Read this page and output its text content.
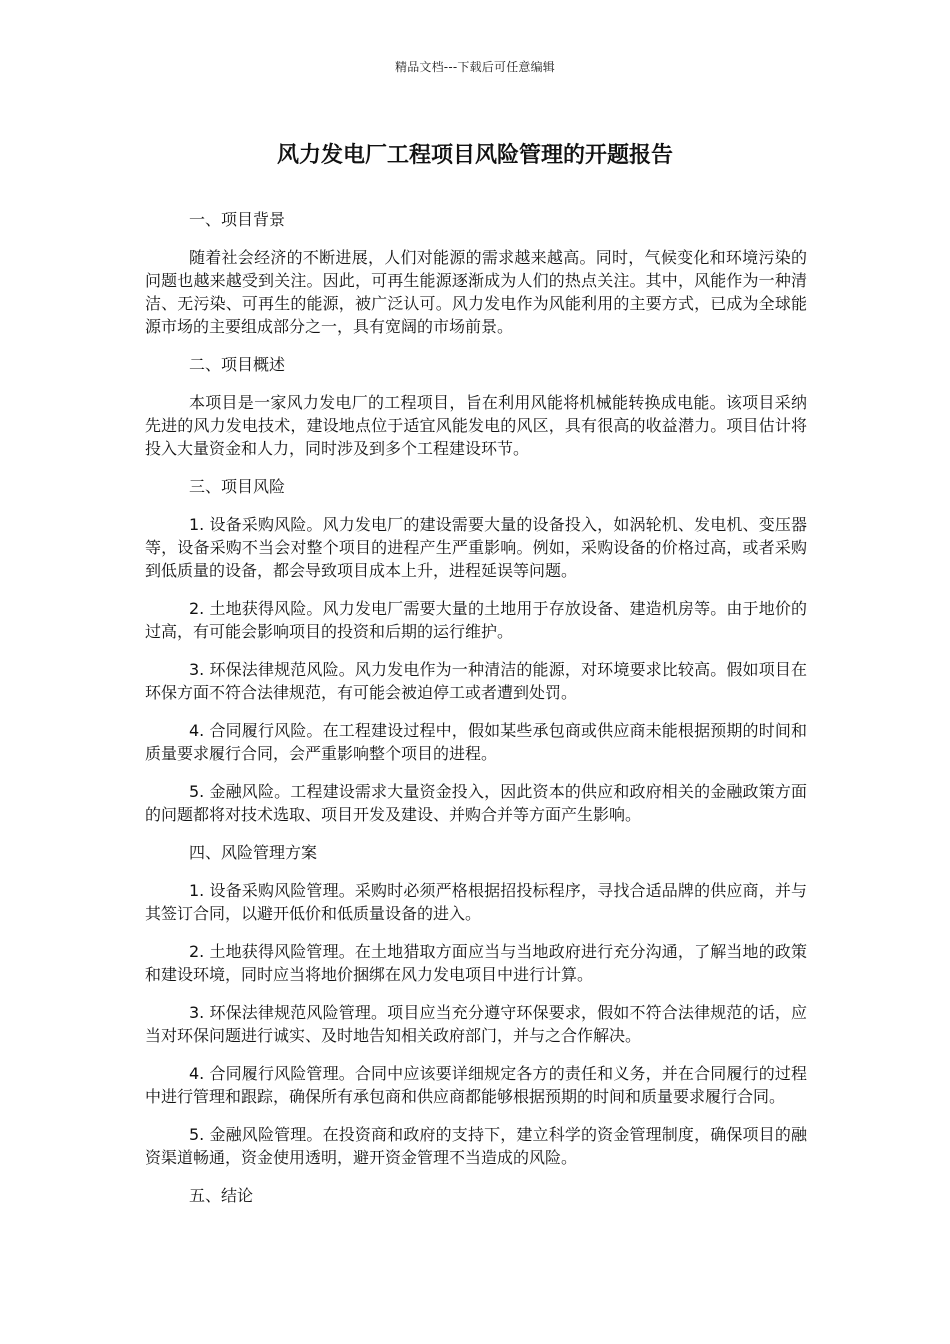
精品文档---下载后可任意编辑
风力发电厂工程项目风险管理的开题报告

一、项目背景

随着社会经济的不断进展，人们对能源的需求越来越高。同时，气候变化和环境污染的问题也越来越受到关注。因此，可再生能源逐渐成为人们的热点关注。其中，风能作为一种清洁、无污染、可再生的能源，被广泛认可。风力发电作为风能利用的主要方式，已成为全球能源市场的主要组成部分之一，具有宽阔的市场前景。

二、项目概述

本项目是一家风力发电厂的工程项目，旨在利用风能将机械能转换成电能。该项目采纳先进的风力发电技术，建设地点位于适宜风能发电的风区，具有很高的收益潜力。项目估计将投入大量资金和人力，同时涉及到多个工程建设环节。

三、项目风险

1. 设备采购风险。风力发电厂的建设需要大量的设备投入，如涡轮机、发电机、变压器等，设备采购不当会对整个项目的进程产生严重影响。例如，采购设备的价格过高，或者采购到低质量的设备，都会导致项目成本上升，进程延误等问题。

2. 土地获得风险。风力发电厂需要大量的土地用于存放设备、建造机房等。由于地价的过高，有可能会影响项目的投资和后期的运行维护。

3. 环保法律规范风险。风力发电作为一种清洁的能源，对环境要求比较高。假如项目在环保方面不符合法律规范，有可能会被迫停工或者遭到处罚。

4. 合同履行风险。在工程建设过程中，假如某些承包商或供应商未能根据预期的时间和质量要求履行合同，会严重影响整个项目的进程。

5. 金融风险。工程建设需求大量资金投入，因此资本的供应和政府相关的金融政策方面的问题都将对技术选取、项目开发及建设、并购合并等方面产生影响。

四、风险管理方案

1. 设备采购风险管理。采购时必须严格根据招投标程序，寻找合适品牌的供应商，并与其签订合同，以避开低价和低质量设备的进入。

2. 土地获得风险管理。在土地猎取方面应当与当地政府进行充分沟通，了解当地的政策和建设环境，同时应当将地价捆绑在风力发电项目中进行计算。

3. 环保法律规范风险管理。项目应当充分遵守环保要求，假如不符合法律规范的话，应当对环保问题进行诚实、及时地告知相关政府部门，并与之合作解决。

4. 合同履行风险管理。合同中应该要详细规定各方的责任和义务，并在合同履行的过程中进行管理和跟踪，确保所有承包商和供应商都能够根据预期的时间和质量要求履行合同。

5. 金融风险管理。在投资商和政府的支持下，建立科学的资金管理制度，确保项目的融资渠道畅通，资金使用透明，避开资金管理不当造成的风险。

五、结论
